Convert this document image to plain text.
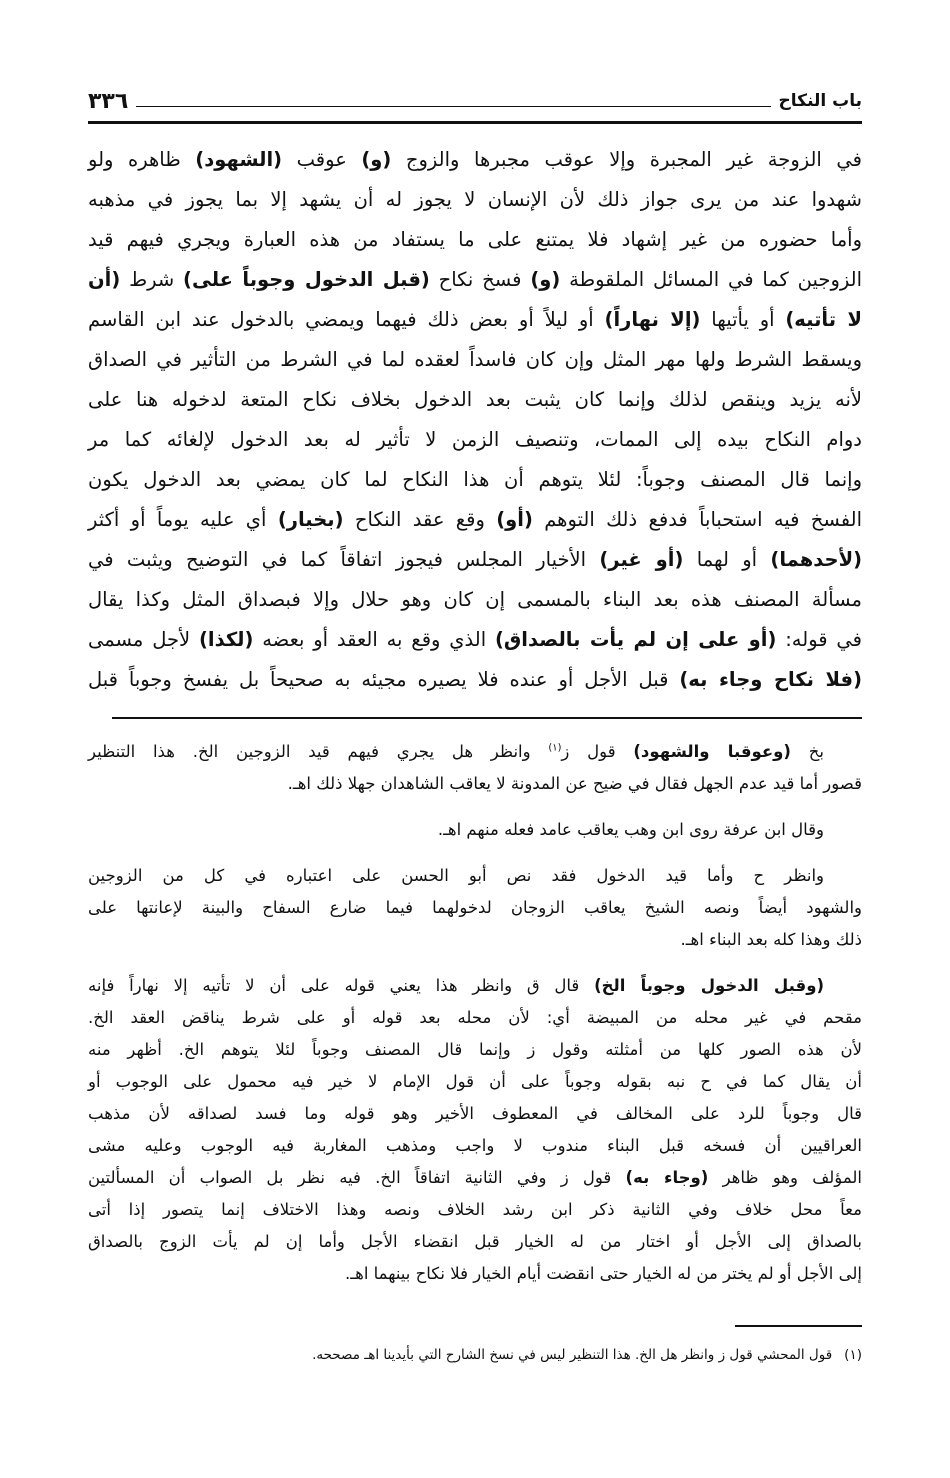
باب النكاح
٣٣٦
في الزوجة غير المجبرة وإلا عوقب مجبرها والزوج (و) عوقب (الشهود) ظاهره ولو
شهدوا عند من يرى جواز ذلك لأن الإنسان لا يجوز له أن يشهد إلا بما يجوز في مذهبه
وأما حضوره من غير إشهاد فلا يمتنع على ما يستفاد من هذه العبارة ويجري فيهم قيد
الزوجين كما في المسائل الملقوطة (و) فسخ نكاح (قبل الدخول وجوباً على) شرط (أن
لا تأتيه) أو يأتيها (إلا نهاراً) أو ليلاً أو بعض ذلك فيهما ويمضي بالدخول عند ابن القاسم
ويسقط الشرط ولها مهر المثل وإن كان فاسداً لعقده لما في الشرط من التأثير في الصداق
لأنه يزيد وينقص لذلك وإنما كان يثبت بعد الدخول بخلاف نكاح المتعة لدخوله هنا على
دوام النكاح بيده إلى الممات، وتنصيف الزمن لا تأثير له بعد الدخول لإلغائه كما مر
وإنما قال المصنف وجوباً: لئلا يتوهم أن هذا النكاح لما كان يمضي بعد الدخول يكون
الفسخ فيه استحباباً فدفع ذلك التوهم (أو) وقع عقد النكاح (بخيار) أي عليه يوماً أو أكثر
(لأحدهما) أو لهما (أو غير) الأخيار المجلس فيجوز اتفاقاً كما في التوضيح ويثبت في
مسألة المصنف هذه بعد البناء بالمسمى إن كان وهو حلال وإلا فبصداق المثل وكذا يقال
في قوله: (أو على إن لم يأت بالصداق) الذي وقع به العقد أو بعضه (لكذا) لأجل مسمى
(فلا نكاح وجاء به) قبل الأجل أو عنده فلا يصيره مجيئه به صحيحاً بل يفسخ وجوباً قبل
بخ (وعوقبا والشهود) قول ز$^{(١)}$ وانظر هل يجري فيهم قيد الزوجين الخ. هذا التنظير
قصور أما قيد عدم الجهل فقال في ضيح عن المدونة لا يعاقب الشاهدان جهلا ذلك اهـ.
وقال ابن عرفة روى ابن وهب يعاقب عامد فعله منهم اهـ.
وانظر ح وأما قيد الدخول فقد نص أبو الحسن على اعتباره في كل من الزوجين
والشهود أيضاً ونصه الشيخ يعاقب الزوجان لدخولهما فيما ضارع السفاح والبينة لإعانتها على
ذلك وهذا كله بعد البناء اهـ.
(وقبل الدخول وجوباً الخ) قال ق وانظر هذا يعني قوله على أن لا تأتيه إلا نهاراً فإنه
مقحم في غير محله من المبيضة أي: لأن محله بعد قوله أو على شرط يناقض العقد الخ.
لأن هذه الصور كلها من أمثلته وقول ز وإنما قال المصنف وجوباً لئلا يتوهم الخ. أظهر منه
أن يقال كما في ح نبه بقوله وجوباً على أن قول الإمام لا خير فيه محمول على الوجوب أو
قال وجوباً للرد على المخالف في المعطوف الأخير وهو قوله وما فسد لصداقه لأن مذهب
العراقيين أن فسخه قبل البناء مندوب لا واجب ومذهب المغاربة فيه الوجوب وعليه مشى
المؤلف وهو ظاهر (وجاء به) قول ز وفي الثانية اتفاقاً الخ. فيه نظر بل الصواب أن المسألتين
معاً محل خلاف وفي الثانية ذكر ابن رشد الخلاف ونصه وهذا الاختلاف إنما يتصور إذا أتى
بالصداق إلى الأجل أو اختار من له الخيار قبل انقضاء الأجل وأما إن لم يأت الزوج بالصداق
إلى الأجل أو لم يختر من له الخيار حتى انقضت أيام الخيار فلا نكاح بينهما اهـ.
(١)قول المحشي قول ز وانظر هل الخ. هذا التنظير ليس في نسخ الشارح التي بأيدينا اهـ مصححه.
